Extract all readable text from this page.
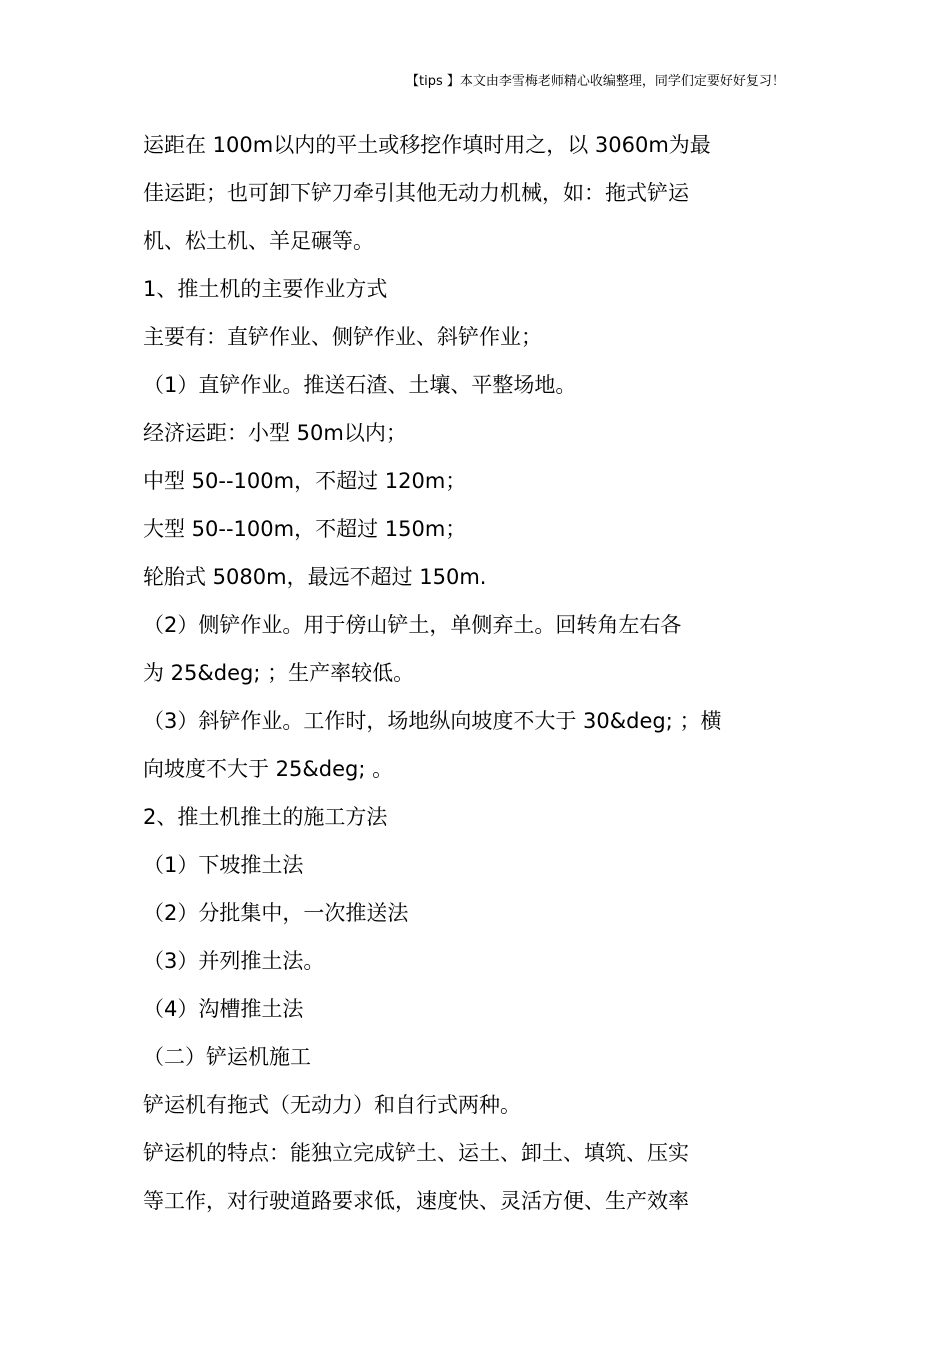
【tips 】本文由李雪梅老师精心收编整理，同学们定要好好复习！
运距在 100m以内的平土或移挖作填时用之，以 3060m为最
佳运距；也可卸下铲刀牵引其他无动力机械，如：拖式铲运
机、松土机、羊足碾等。
1、推土机的主要作业方式
主要有：直铲作业、侧铲作业、斜铲作业；
（1）直铲作业。推送石渣、土壤、平整场地。
经济运距：小型 50m以内；
中型 50--100m，不超过 120m；
大型 50--100m，不超过 150m；
轮胎式 5080m，最远不超过 150m.
（2）侧铲作业。用于傍山铲土，单侧弃土。回转角左右各
为 25&deg; ；生产率较低。
（3）斜铲作业。工作时，场地纵向坡度不大于 30&deg; ；横
向坡度不大于 25&deg; 。
2、推土机推土的施工方法
（1）下坡推土法
（2）分批集中，一次推送法
（3）并列推土法。
（4）沟槽推土法
（二）铲运机施工
铲运机有拖式（无动力）和自行式两种。
铲运机的特点：能独立完成铲土、运土、卸土、填筑、压实
等工作，对行驶道路要求低，速度快、灵活方便、生产效率
